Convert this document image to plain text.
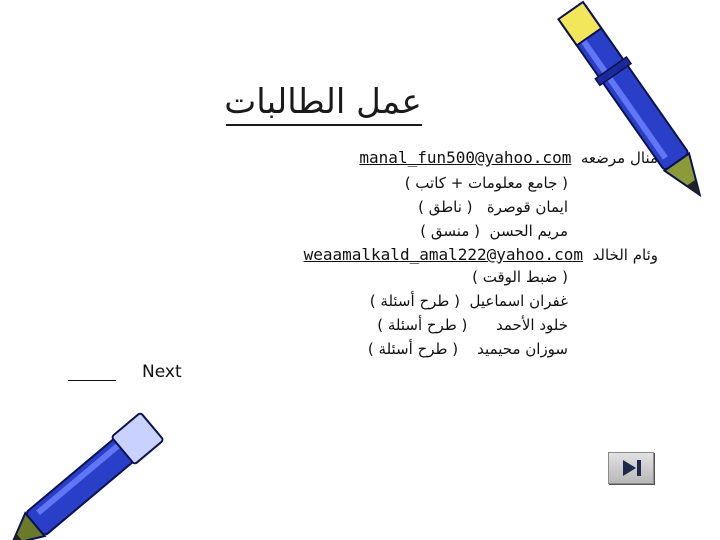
عمل الطالبات
منال مرضعه  manal_fun500@yahoo.com
( جامع معلومات + كاتب )
ايمان قوصرة   ( ناطق )
مريم الحسن  ( منسق )
وئام الخالد  weaamalkald_amal222@yahoo.com
( ضبط الوقت )
غفران اسماعيل  ( طرح أسئلة )
خلود الأحمد      ( طرح أسئلة )
سوزان محيميد    ( طرح أسئلة )
Next
